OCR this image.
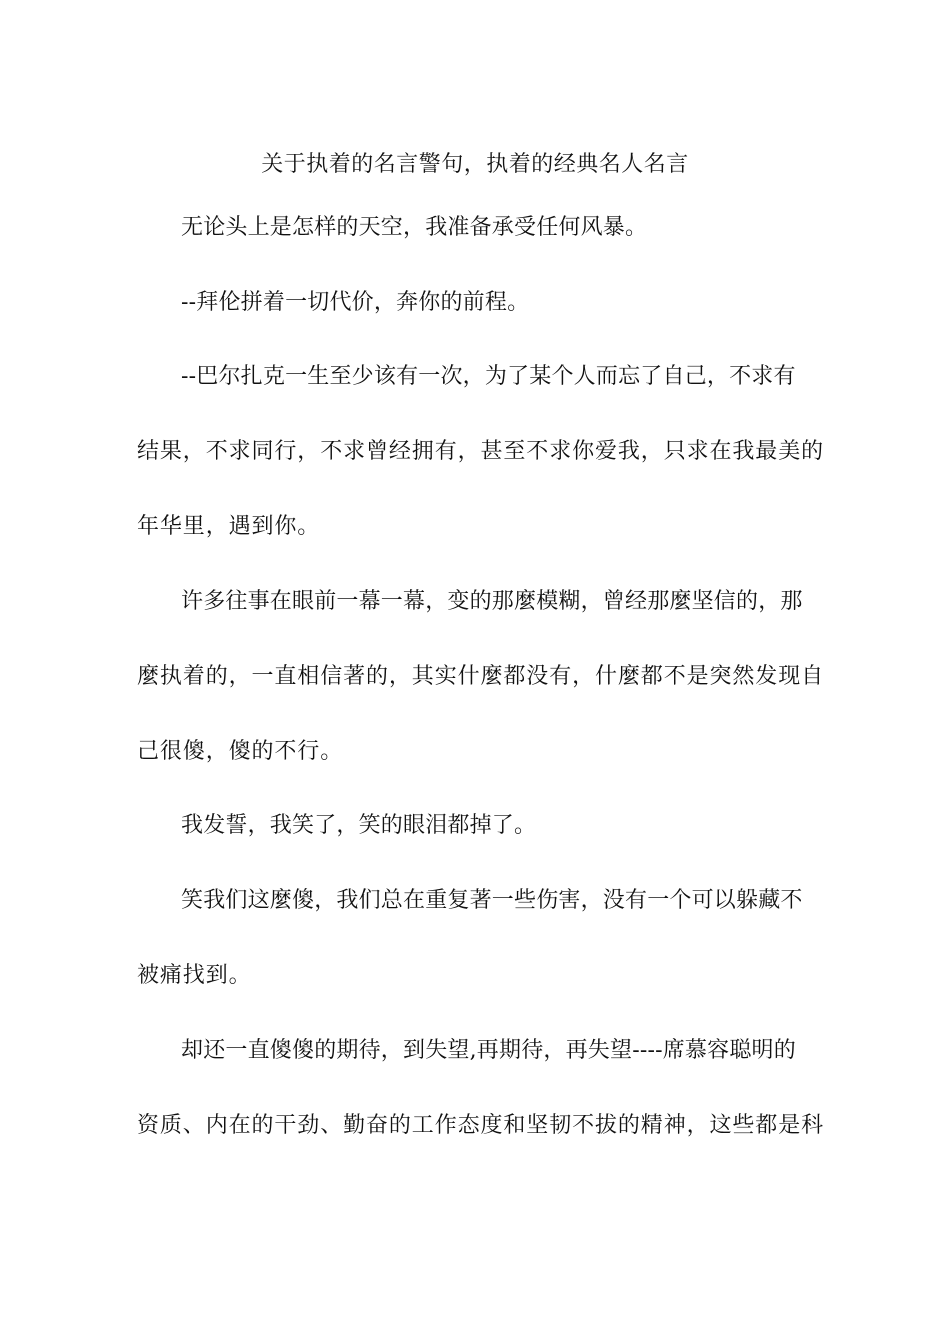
关于执着的名言警句，执着的经典名人名言
无论头上是怎样的天空，我准备承受任何风暴。
--拜伦拼着一切代价，奔你的前程。
--巴尔扎克一生至少该有一次，为了某个人而忘了自己，不求有
结果，不求同行，不求曾经拥有，甚至不求你爱我，只求在我最美的
年华里，遇到你。
许多往事在眼前一幕一幕，变的那麼模糊，曾经那麼坚信的，那
麼执着的，一直相信著的，其实什麼都没有，什麼都不是突然发现自
己很傻，傻的不行。
我发誓，我笑了，笑的眼泪都掉了。
笑我们这麼傻，我们总在重复著一些伤害，没有一个可以躲藏不
被痛找到。
却还一直傻傻的期待，到失望,再期待，再失望----席慕容聪明的
资质、内在的干劲、勤奋的工作态度和坚韧不拔的精神，这些都是科
